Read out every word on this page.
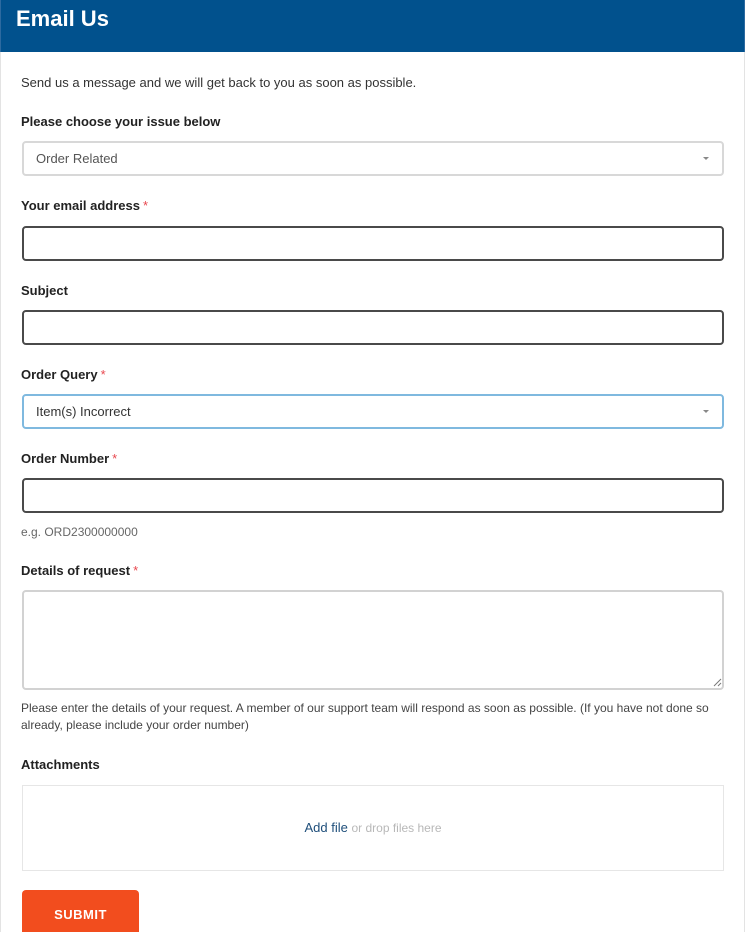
Email Us
Send us a message and we will get back to you as soon as possible.
Please choose your issue below
Order Related
Your email address *
Subject
Order Query *
Item(s) Incorrect
Order Number *
e.g. ORD2300000000
Details of request *
Please enter the details of your request. A member of our support team will respond as soon as possible. (If you have not done so already, please include your order number)
Attachments
Add file or drop files here
SUBMIT
